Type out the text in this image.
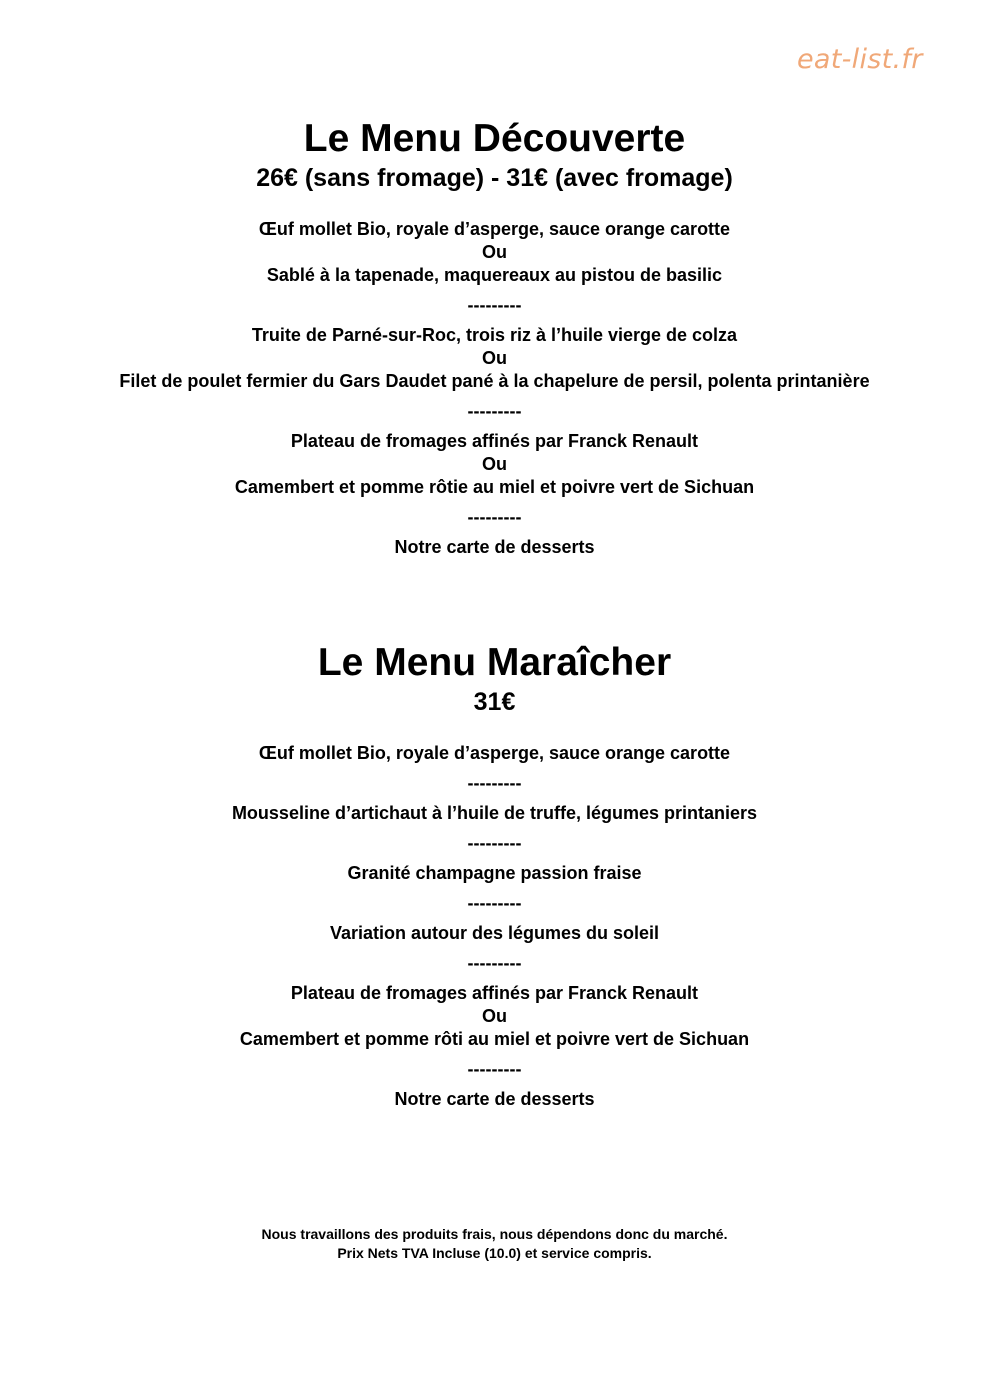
eat-list.fr
Le Menu Découverte
26€ (sans fromage) - 31€ (avec fromage)
Œuf mollet Bio, royale d’asperge, sauce orange carotte
Ou
Sablé à la tapenade, maquereaux au pistou de basilic
---------
Truite de Parné-sur-Roc, trois riz à l’huile vierge de colza
Ou
Filet de poulet fermier du Gars Daudet pané à la chapelure de persil, polenta printanière
---------
Plateau de fromages affinés par Franck Renault
Ou
Camembert et pomme rôtie au miel et poivre vert de Sichuan
---------
Notre carte de desserts
Le Menu Maraîcher
31€
Œuf mollet Bio, royale d’asperge, sauce orange carotte
---------
Mousseline d’artichaut à l’huile de truffe, légumes printaniers
---------
Granité champagne passion fraise
---------
Variation autour des légumes du soleil
---------
Plateau de fromages affinés par Franck Renault
Ou
Camembert et pomme rôti au miel et poivre vert de Sichuan
---------
Notre carte de desserts
Nous travaillons des produits frais, nous dépendons donc du marché.
Prix Nets TVA Incluse (10.0) et service compris.
